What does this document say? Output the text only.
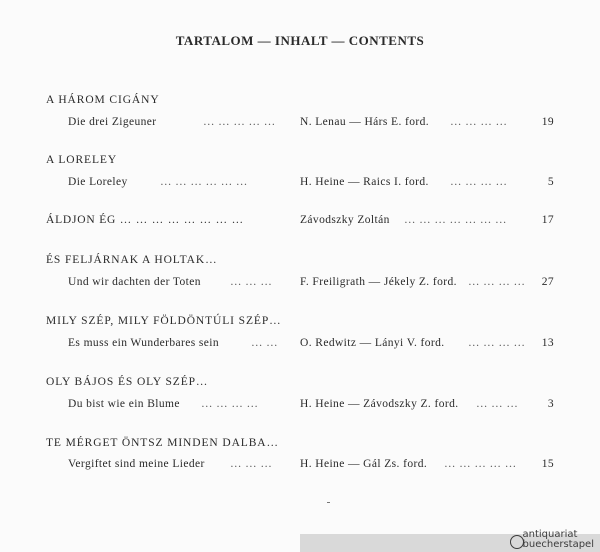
TARTALOM — INHALT — CONTENTS
A HÁROM CIGÁNY
Die drei Zigeuner	… … … … … N. Lenau — Hárs E. ford. … … … …	19
A LORELEY
Die Loreley	… … … … … …	H. Heine — Raics I. ford. … … … …	5
ÁLDJON ÉG … … … … … … … …	Závodszky Zoltán … … … … … … …	17
ÉS FELJÁRNAK A HOLTAK…
Und wir dachten der Toten	… … … F. Freiligrath — Jékely Z. ford. … … … … 27
MILY SZÉP, MILY FÖLDÖNTÚLI SZÉP…
Es muss ein Wunderbares sein	… … O. Redwitz — Lányi V. ford. … … … … 13
OLY BÁJOS ÉS OLY SZÉP…
Du bist wie ein Blume … … … …	H. Heine — Závodszky Z. ford. … … …	3
TE MÉRGET ÖNTSZ MINDEN DALBA…
Vergiftet sind meine Lieder … … … H. Heine — Gál Zs. ford. … … … … … 15
antiquariat
buecherstapel
